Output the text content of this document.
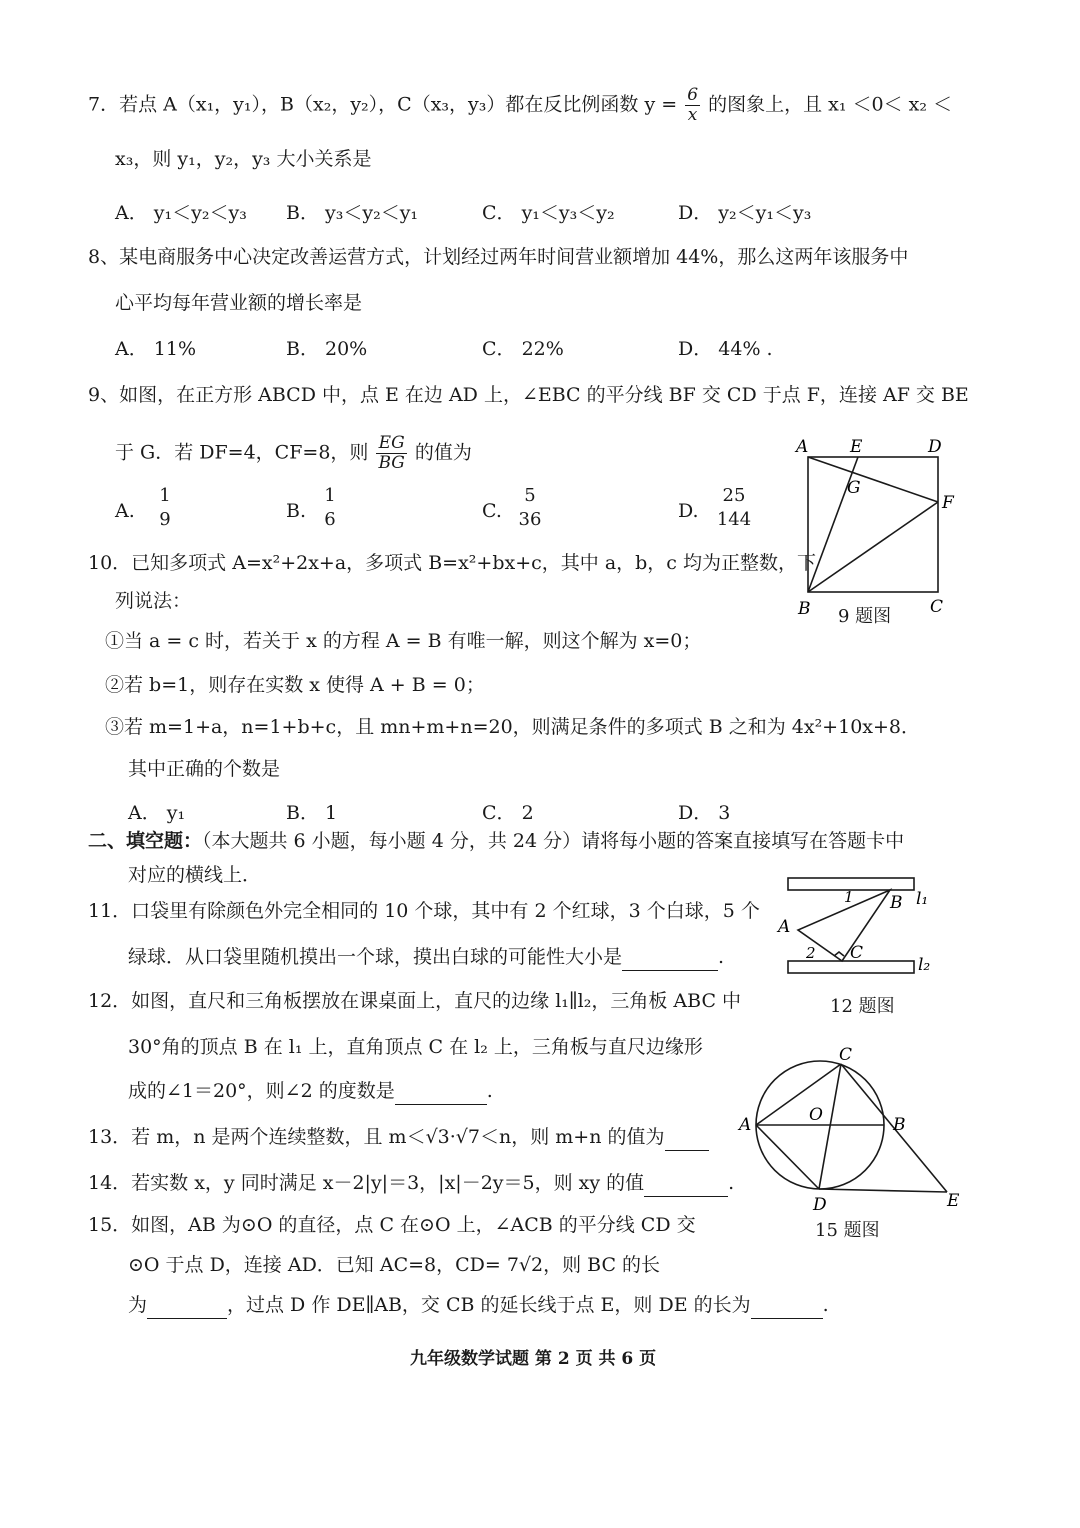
7．若点 A（x₁，y₁），B（x₂，y₂），C（x₃，y₃）都在反比例函数 $y = \frac{6}{x}$ 的图象上，且 x₁ ＜0＜ x₂ ＜
x₃，则 y₁，y₂，y₃ 大小关系是
A． y₁＜y₂＜y₃ B． y₃＜y₂＜y₁	C． y₁＜y₃＜y₂	D． y₂＜y₁＜y₃
8、某电商服务中心决定改善运营方式，计划经过两年时间营业额增加 44%，那么这两年该服务中
心平均每年营业额的增长率是
A． 11%	B． 20%	C． 22%	D． 44% .
9、如图，在正方形 ABCD 中，点 E 在边 AD 上，∠EBC 的平分线 BF 交 CD 于点 F，连接 AF 交 BE
于 G．若 DF=4，CF=8，则 $\frac{EG}{BG}$ 的值为
A.
1
9	B.
1
6	C.
5
36	D.
25
144
A E	D
G
F
B	C
9 题图
10．已知多项式 A=x²+2x+a，多项式 B=x²+bx+c，其中 a，b，c 均为正整数，下
列说法：
①当 a = c 时，若关于 x 的方程 A = B 有唯一解，则这个解为 x=0；
②若 b=1，则存在实数 x 使得 A + B = 0；
③若 m=1+a，n=1+b+c，且 mn+m+n=20，则满足条件的多项式 B 之和为 4x²+10x+8．
其中正确的个数是
A． y₁	B． 1	C． 2	D． 3
二、填空题：（本大题共 6 小题，每小题 4 分，共 24 分）请将每小题的答案直接填写在答题卡中
对应的横线上．
11．口袋里有除颜色外完全相同的 10 个球，其中有 2 个红球，3 个白球，5 个
绿球．从口袋里随机摸出一个球，摸出白球的可能性大小是	.
l₁
1 B
A
2 C
l₂
12 题图
12．如图，直尺和三角板摆放在课桌面上，直尺的边缘 l₁∥l₂，三角板 ABC 中
30°角的顶点 B 在 l₁ 上，直角顶点 C 在 l₂ 上，三角板与直尺边缘形
成的∠1＝20°，则∠2 的度数是	.
13．若 m，n 是两个连续整数，且 m＜√3·√7＜n，则 m+n 的值为
14．若实数 x，y 同时满足 x－2|y|＝3，|x|－2y＝5，则 xy 的值	.
C
A	O	B
D	E
15 题图
15．如图，AB 为⊙O 的直径，点 C 在⊙O 上，∠ACB 的平分线 CD 交
⊙O 于点 D，连接 AD．已知 AC=8，CD= 7√2，则 BC 的长
为	，过点 D 作 DE∥AB，交 CB 的延长线于点 E，则 DE 的长为	.
九年级数学试题 第 2 页 共 6 页
